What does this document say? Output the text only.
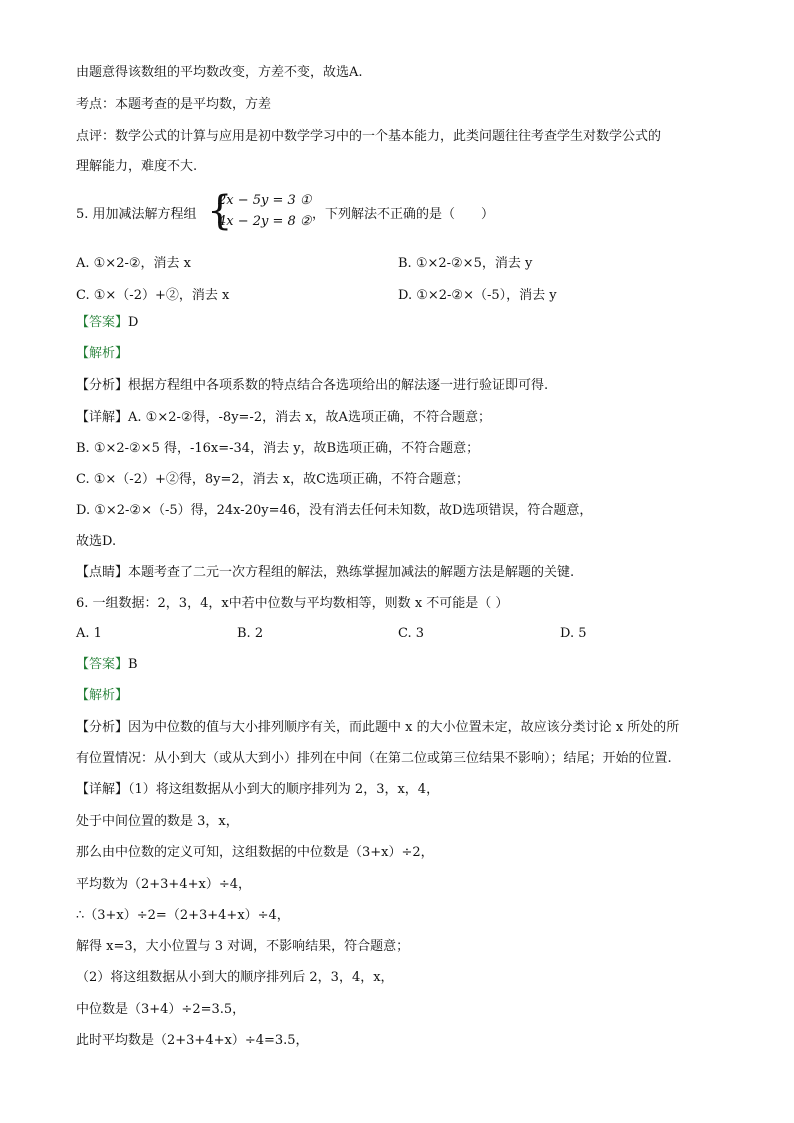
由题意得该数组的平均数改变，方差不变，故选A.
考点：本题考查的是平均数，方差
点评：数学公式的计算与应用是初中数学学习中的一个基本能力，此类问题往往考查学生对数学公式的
理解能力，难度不大.
5. 用加减法解方程组 {
2x − 5y = 3 ①
4x − 2y = 8 ② ，下列解法不正确的是（　　）
A. ①×2-②，消去 x	B. ①×2-②×5，消去 y
C. ①×（-2）+②，消去 x	D. ①×2-②×（-5），消去 y
【答案】D
【解析】
【分析】根据方程组中各项系数的特点结合各选项给出的解法逐一进行验证即可得.
【详解】A. ①×2-②得，-8y=-2，消去 x，故A选项正确，不符合题意；
B. ①×2-②×5 得，-16x=-34，消去 y，故B选项正确，不符合题意；
C. ①×（-2）+②得，8y=2，消去 x，故C选项正确，不符合题意；
D. ①×2-②×（-5）得，24x-20y=46，没有消去任何未知数，故D选项错误，符合题意，
故选D.
【点睛】本题考查了二元一次方程组的解法，熟练掌握加减法的解题方法是解题的关键.
6. 一组数据：2，3，4，x中若中位数与平均数相等，则数 x 不可能是（ ）
A. 1	B. 2	C. 3	D. 5
【答案】B
【解析】
【分析】因为中位数的值与大小排列顺序有关，而此题中 x 的大小位置未定，故应该分类讨论 x 所处的所
有位置情况：从小到大（或从大到小）排列在中间（在第二位或第三位结果不影响）；结尾；开始的位置.
【详解】（1）将这组数据从小到大的顺序排列为 2，3，x，4，
处于中间位置的数是 3，x，
那么由中位数的定义可知，这组数据的中位数是（3+x）÷2，
平均数为（2+3+4+x）÷4，
∴（3+x）÷2=（2+3+4+x）÷4，
解得 x=3，大小位置与 3 对调，不影响结果，符合题意；
（2）将这组数据从小到大的顺序排列后 2，3，4，x，
中位数是（3+4）÷2=3.5，
此时平均数是（2+3+4+x）÷4=3.5，
